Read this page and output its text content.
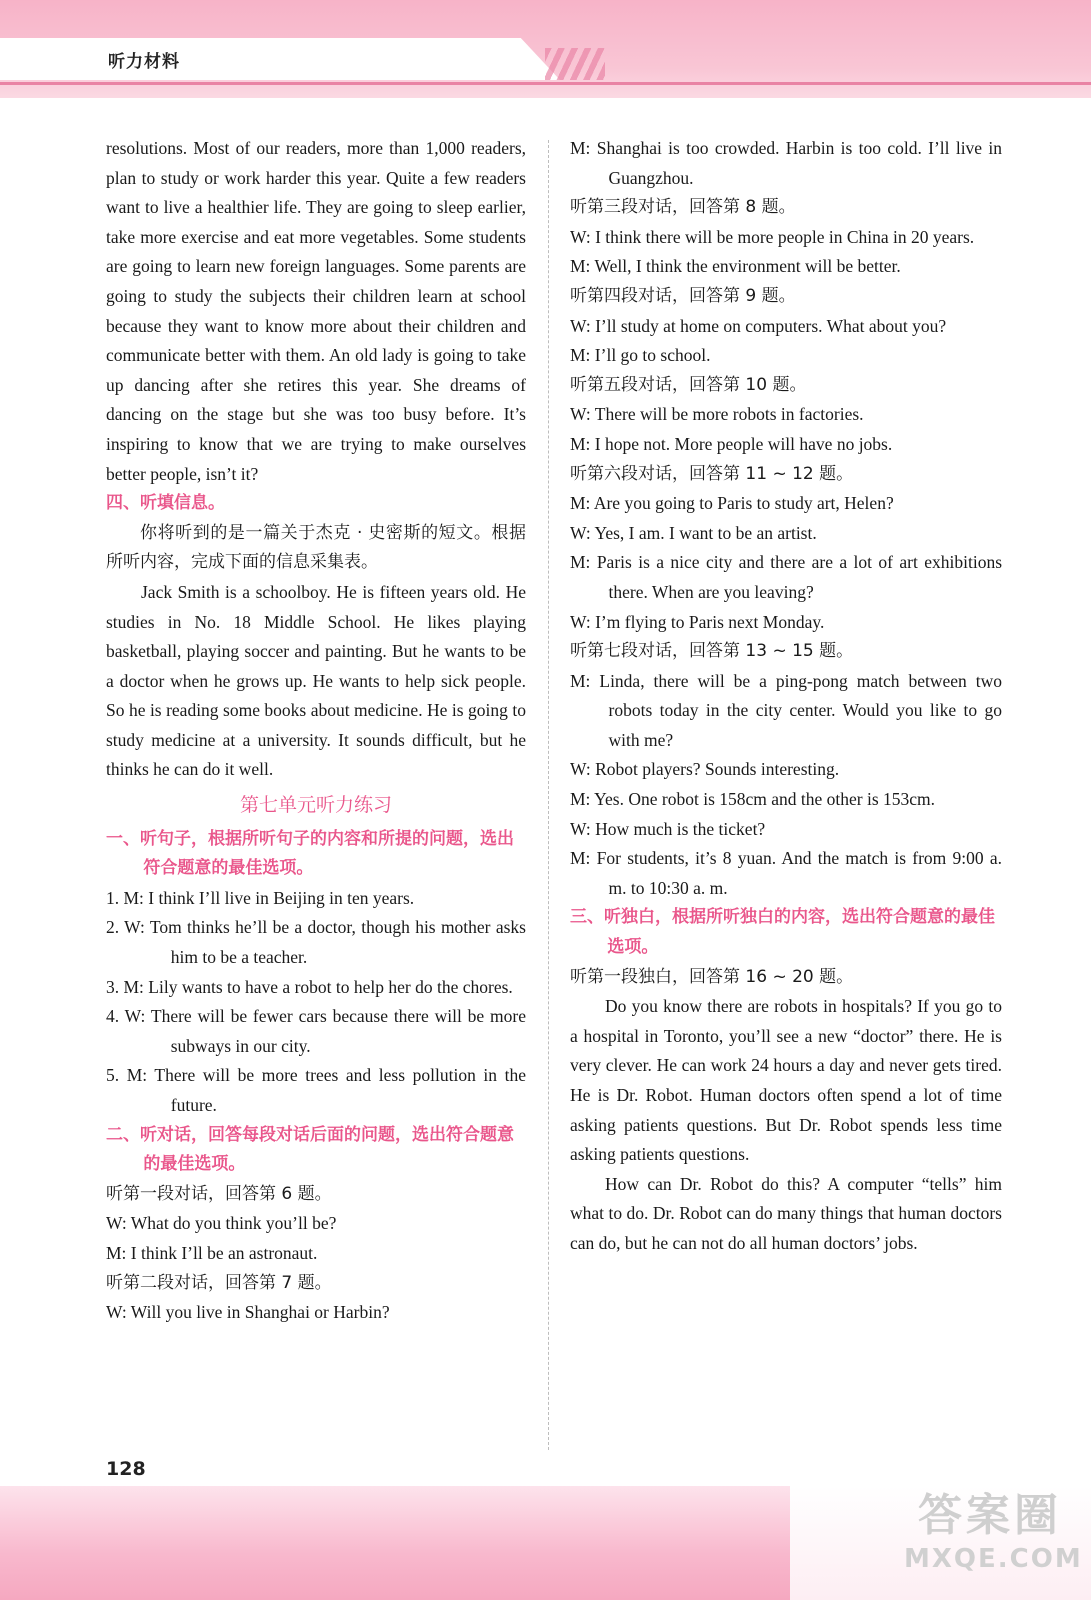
听力材料

resolutions. Most of our readers, more than 1,000 readers, plan to study or work harder this year. Quite a few readers want to live a healthier life. They are going to sleep earlier, take more exercise and eat more vegetables. Some students are going to learn new foreign languages. Some parents are going to study the subjects their children learn at school because they want to know more about their children and communicate better with them. An old lady is going to take up dancing after she retires this year. She dreams of dancing on the stage but she was too busy before. It’s inspiring to know that we are trying to make ourselves better people, isn’t it?

四、听填信息。

你将听到的是一篇关于杰克 · 史密斯的短文。根据所听内容，完成下面的信息采集表。

Jack Smith is a schoolboy. He is fifteen years old. He studies in No. 18 Middle School. He likes playing basketball, playing soccer and painting. But he wants to be a doctor when he grows up. He wants to help sick people. So he is reading some books about medicine. He is going to study medicine at a university. It sounds difficult, but he thinks he can do it well.

第七单元听力练习

一、听句子，根据所听句子的内容和所提的问题，选出符合题意的最佳选项。

1. M: I think I’ll live in Beijing in ten years.

2. W: Tom thinks he’ll be a doctor, though his mother asks him to be a teacher.

3. M: Lily wants to have a robot to help her do the chores.

4. W: There will be fewer cars because there will be more subways in our city.

5. M: There will be more trees and less pollution in the future.

二、听对话，回答每段对话后面的问题，选出符合题意的最佳选项。

听第一段对话，回答第 6 题。

W: What do you think you’ll be?

M: I think I’ll be an astronaut.

听第二段对话，回答第 7 题。

W: Will you live in Shanghai or Harbin?

M: Shanghai is too crowded. Harbin is too cold. I’ll live in Guangzhou.

听第三段对话，回答第 8 题。

W: I think there will be more people in China in 20 years.

M: Well, I think the environment will be better.

听第四段对话，回答第 9 题。

W: I’ll study at home on computers. What about you?

M: I’ll go to school.

听第五段对话，回答第 10 题。

W: There will be more robots in factories.

M: I hope not. More people will have no jobs.

听第六段对话，回答第 11 ~ 12 题。

M: Are you going to Paris to study art, Helen?

W: Yes, I am. I want to be an artist.

M: Paris is a nice city and there are a lot of art exhibitions there. When are you leaving?

W: I’m flying to Paris next Monday.

听第七段对话，回答第 13 ~ 15 题。

M: Linda, there will be a ping-pong match between two robots today in the city center. Would you like to go with me?

W: Robot players? Sounds interesting.

M: Yes. One robot is 158cm and the other is 153cm.

W: How much is the ticket?

M: For students, it’s 8 yuan. And the match is from 9:00 a. m. to 10:30 a. m.

三、听独白，根据所听独白的内容，选出符合题意的最佳选项。

听第一段独白，回答第 16 ~ 20 题。

Do you know there are robots in hospitals? If you go to a hospital in Toronto, you’ll see a new “doctor” there. He is very clever. He can work 24 hours a day and never gets tired. He is Dr. Robot. Human doctors often spend a lot of time asking patients questions. But Dr. Robot spends less time asking patients questions.

How can Dr. Robot do this? A computer “tells” him what to do. Dr. Robot can do many things that human doctors can do, but he can not do all human doctors’ jobs.

128
答案圈
MXQE.COM
